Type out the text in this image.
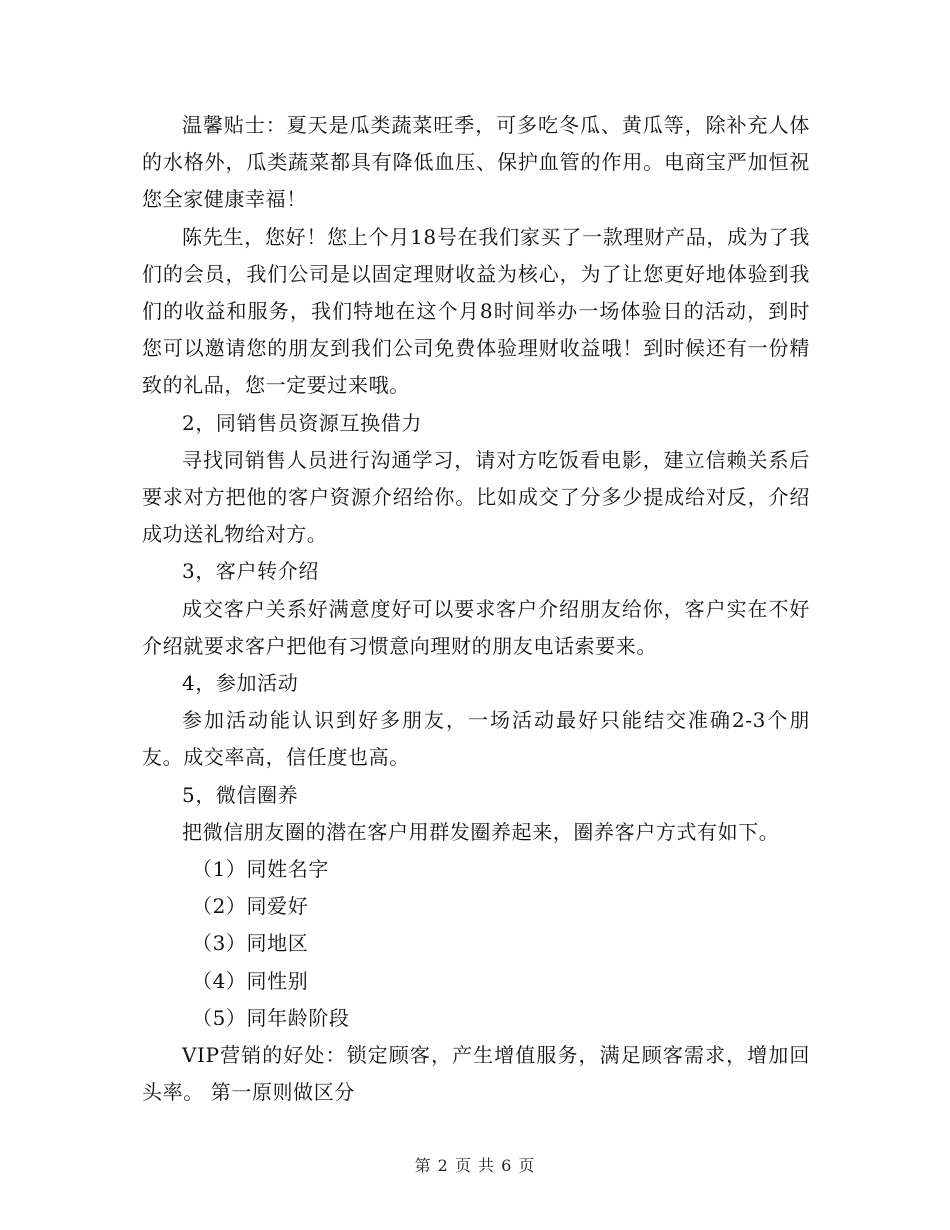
温馨贴士：夏天是瓜类蔬菜旺季，可多吃冬瓜、黄瓜等，除补充人体的水格外，瓜类蔬菜都具有降低血压、保护血管的作用。电商宝严加恒祝您全家健康幸福！

陈先生，您好！您上个月18号在我们家买了一款理财产品，成为了我们的会员，我们公司是以固定理财收益为核心，为了让您更好地体验到我们的收益和服务，我们特地在这个月8时间举办一场体验日的活动，到时您可以邀请您的朋友到我们公司免费体验理财收益哦！到时候还有一份精致的礼品，您一定要过来哦。

2，同销售员资源互换借力

寻找同销售人员进行沟通学习，请对方吃饭看电影，建立信赖关系后要求对方把他的客户资源介绍给你。比如成交了分多少提成给对反，介绍成功送礼物给对方。

3，客户转介绍

成交客户关系好满意度好可以要求客户介绍朋友给你，客户实在不好介绍就要求客户把他有习惯意向理财的朋友电话索要来。

4，参加活动

参加活动能认识到好多朋友，一场活动最好只能结交准确2-3个朋友。成交率高，信任度也高。

5，微信圈养

把微信朋友圈的潜在客户用群发圈养起来，圈养客户方式有如下。

（1）同姓名字

（2）同爱好

（3）同地区

（4）同性别

（5）同年龄阶段

VIP营销的好处：锁定顾客，产生增值服务，满足顾客需求，增加回头率。 第一原则做区分

第 2 页 共 6 页
